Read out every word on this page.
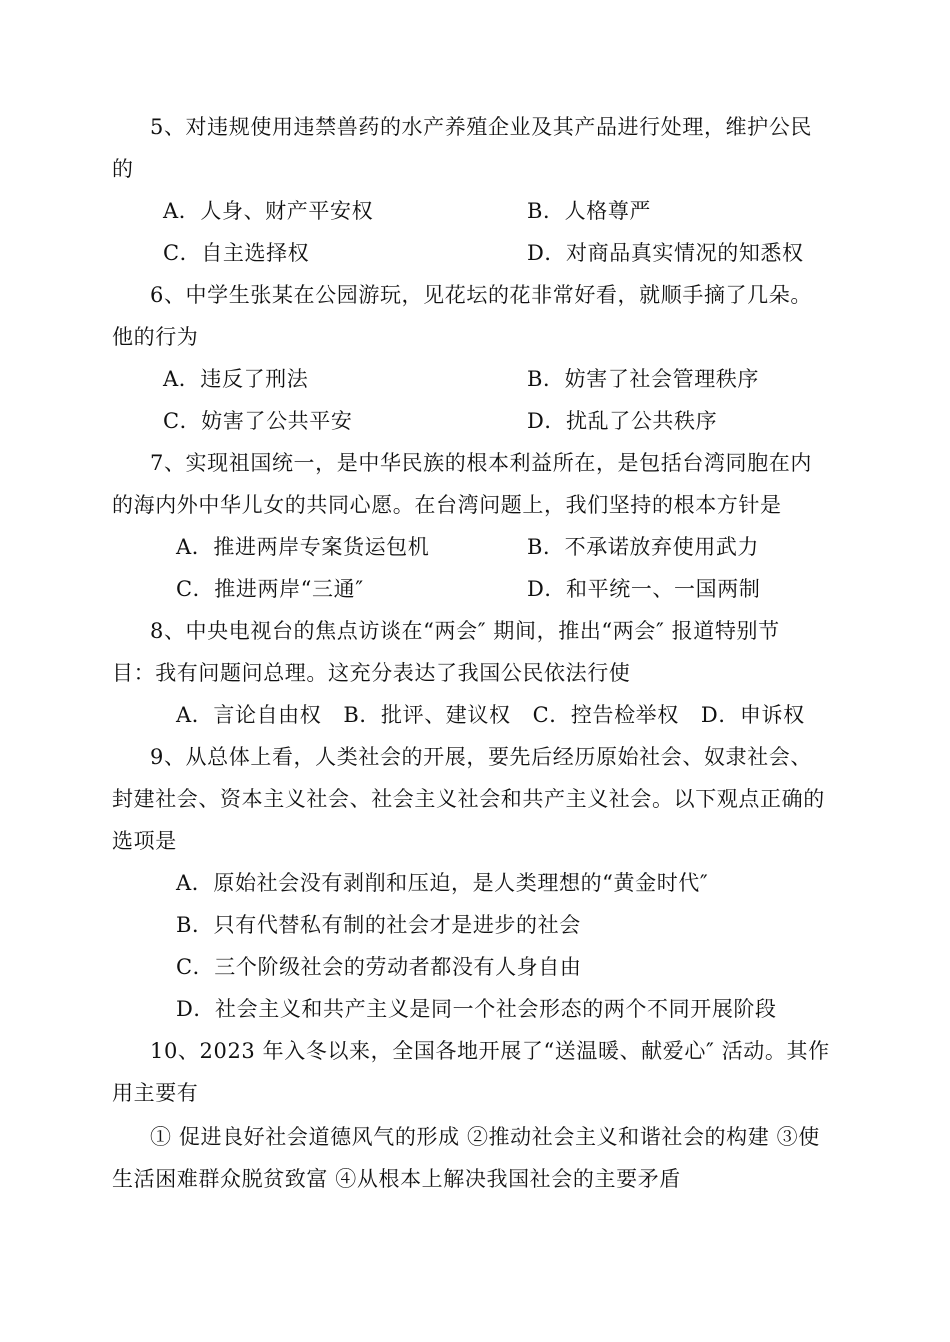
5、对违规使用违禁兽药的水产养殖企业及其产品进行处理，维护公民
的
A．人身、财产平安权	B．人格尊严
C．自主选择权	D．对商品真实情况的知悉权
6、中学生张某在公园游玩，见花坛的花非常好看，就顺手摘了几朵。
他的行为
A．违反了刑法	B．妨害了社会管理秩序
C．妨害了公共平安	D．扰乱了公共秩序
7、实现祖国统一，是中华民族的根本利益所在，是包括台湾同胞在内
的海内外中华儿女的共同心愿。在台湾问题上，我们坚持的根本方针是
A．推进两岸专案货运包机	B．不承诺放弃使用武力
C．推进两岸“三通″	D．和平统一、一国两制
8、中央电视台的焦点访谈在“两会″ 期间，推出“两会″ 报道特别节
目：我有问题问总理。这充分表达了我国公民依法行使
A．言论自由权 B．批评、建议权 C．控告检举权 D．申诉权
9、从总体上看，人类社会的开展，要先后经历原始社会、奴隶社会、
封建社会、资本主义社会、社会主义社会和共产主义社会。以下观点正确的
选项是
A．原始社会没有剥削和压迫，是人类理想的“黄金时代″
B．只有代替私有制的社会才是进步的社会
C．三个阶级社会的劳动者都没有人身自由
D．社会主义和共产主义是同一个社会形态的两个不同开展阶段
10、2023 年入冬以来，全国各地开展了“送温暖、献爱心″ 活动。其作
用主要有
① 促进良好社会道德风气的形成 ②推动社会主义和谐社会的构建 ③使
生活困难群众脱贫致富 ④从根本上解决我国社会的主要矛盾
